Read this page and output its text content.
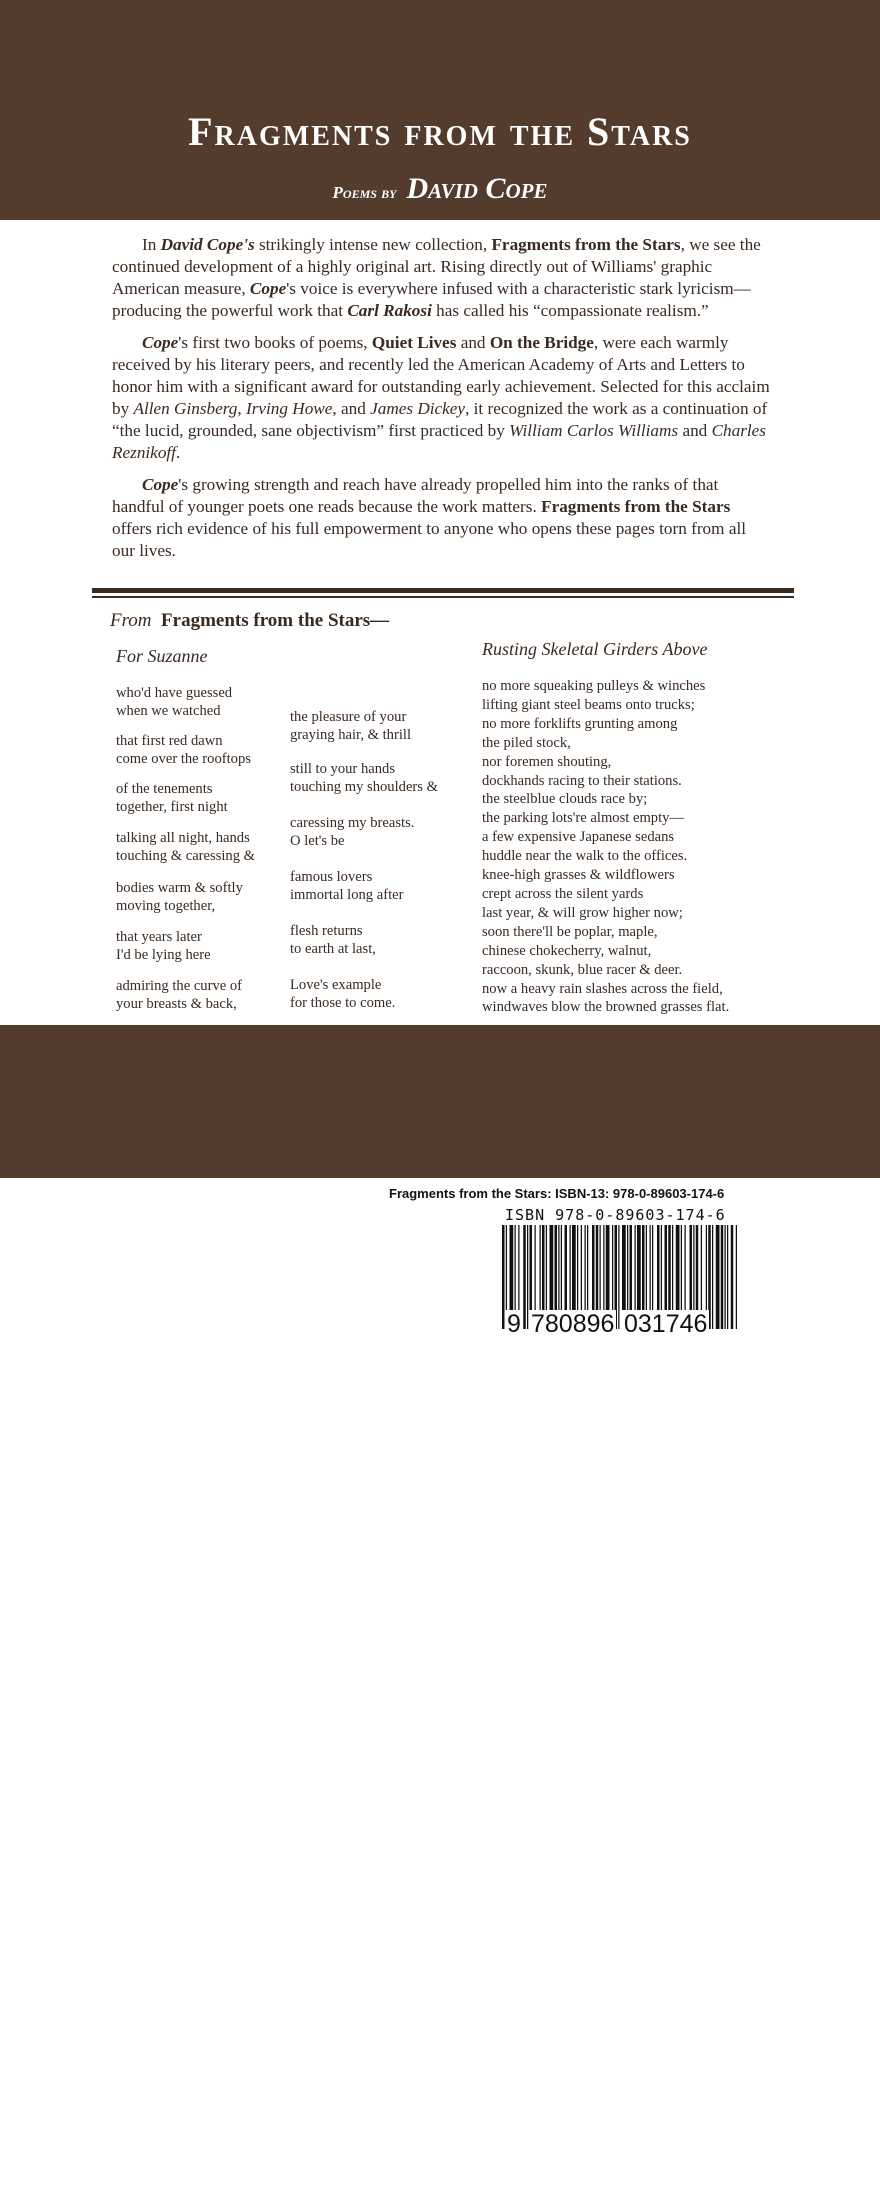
Fragments from the Stars
Poems by David Cope

In David Cope's strikingly intense new collection, Fragments from the Stars, we see the continued development of a highly original art. Rising directly out of Williams' graphic American measure, Cope's voice is everywhere infused with a characteristic stark lyricism—producing the powerful work that Carl Rakosi has called his “compassionate realism.”

Cope's first two books of poems, Quiet Lives and On the Bridge, were each warmly received by his literary peers, and recently led the American Academy of Arts and Letters to honor him with a significant award for outstanding early achievement. Selected for this acclaim by Allen Ginsberg, Irving Howe, and James Dickey, it recognized the work as a continuation of “the lucid, grounded, sane objectivism” first practiced by William Carlos Williams and Charles Reznikoff.

Cope's growing strength and reach have already propelled him into the ranks of that handful of younger poets one reads because the work matters. Fragments from the Stars offers rich evidence of his full empowerment to anyone who opens these pages torn from all our lives.

From Fragments from the Stars—
For Suzanne
who'd have guessed
when we watched
that first red dawn
come over the rooftops
of the tenements
together, first night
talking all night, hands
touching & caressing &
bodies warm & softly
moving together,
that years later
I'd be lying here
admiring the curve of
your breasts & back,
the pleasure of your
graying hair, & thrill
still to your hands
touching my shoulders &
caressing my breasts.
O let's be
famous lovers
immortal long after
flesh returns
to earth at last,
Love's example
for those to come.
Rusting Skeletal Girders Above
no more squeaking pulleys & winches
lifting giant steel beams onto trucks;
no more forklifts grunting among
the piled stock,
nor foremen shouting,
dockhands racing to their stations.
the steelblue clouds race by;
the parking lots're almost empty—
a few expensive Japanese sedans
huddle near the walk to the offices.
knee-high grasses & wildflowers
crept across the silent yards
last year, & will grow higher now;
soon there'll be poplar, maple,
chinese chokecherry, walnut,
raccoon, skunk, blue racer & deer.
now a heavy rain slashes across the field,
windwaves blow the browned grasses flat.
Quotes from reviews: I salute your compassionate realism.—Carl Rakosi
His poems seem made of vivid details he saw out of corner of his eye—precise sketches, concise form.—Allen Ginsberg
D.C.'s intensive clear details always a pleasure...very solid clear human texts.—Robert Creeley
Fragments from the Stars: ISBN-13: 978-0-89603-174-6
ISBN 978-0-89603-174-6
9 780896 031746
